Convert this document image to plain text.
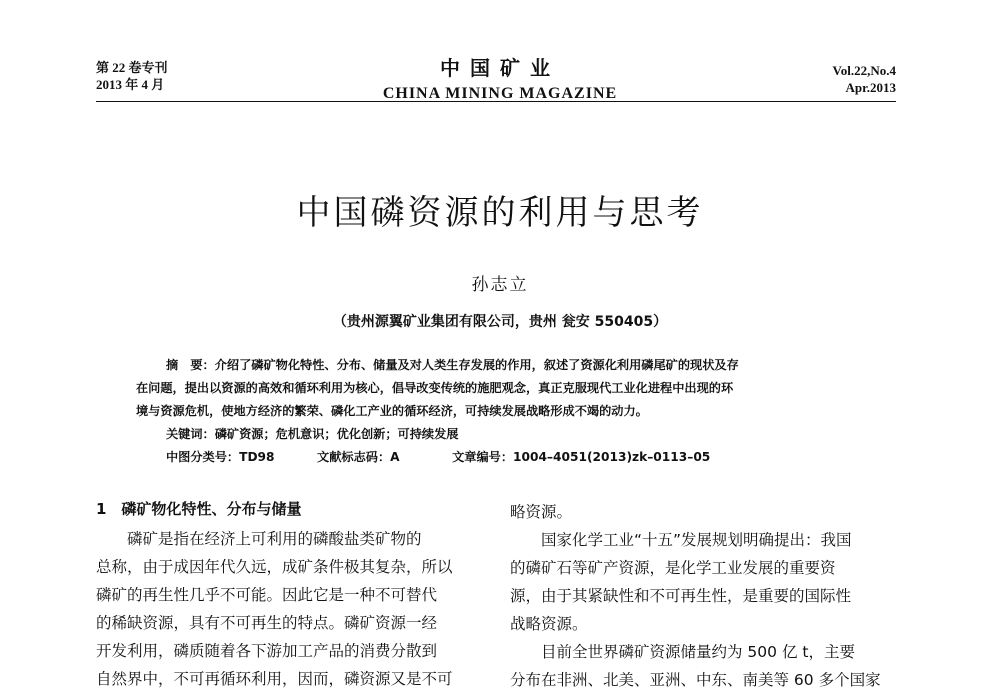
第 22 卷专刊
2013 年 4 月
中国矿业
CHINA MINING MAGAZINE
Vol.22,No.4
Apr.2013
中国磷资源的利用与思考
孙志立
（贵州源翼矿业集团有限公司，贵州 瓮安 550405）
摘　要：介绍了磷矿物化特性、分布、储量及对人类生存发展的作用，叙述了资源化利用磷尾矿的现状及存
在问题，提出以资源的高效和循环利用为核心，倡导改变传统的施肥观念，真正克服现代工业化进程中出现的环
境与资源危机，使地方经济的繁荣、磷化工产业的循环经济，可持续发展战略形成不竭的动力。
关键词：磷矿资源；危机意识；优化创新；可持续发展
中图分类号：TD98	文献标志码：A	文章编号：1004–4051(2013)zk–0113–05
1　磷矿物化特性、分布与储量
　　磷矿是指在经济上可利用的磷酸盐类矿物的
总称，由于成因年代久远，成矿条件极其复杂，所以
磷矿的再生性几乎不可能。因此它是一种不可替代
的稀缺资源，具有不可再生的特点。磷矿资源一经
开发利用，磷质随着各下游加工产品的消费分散到
自然界中，不可再循环利用，因而，磷资源又是不可
略资源。
　　国家化学工业“十五”发展规划明确提出：我国
的磷矿石等矿产资源，是化学工业发展的重要资
源，由于其紧缺性和不可再生性，是重要的国际性
战略资源。
　　目前全世界磷矿资源储量约为 500 亿 t，主要
分布在非洲、北美、亚洲、中东、南美等 60 多个国家
